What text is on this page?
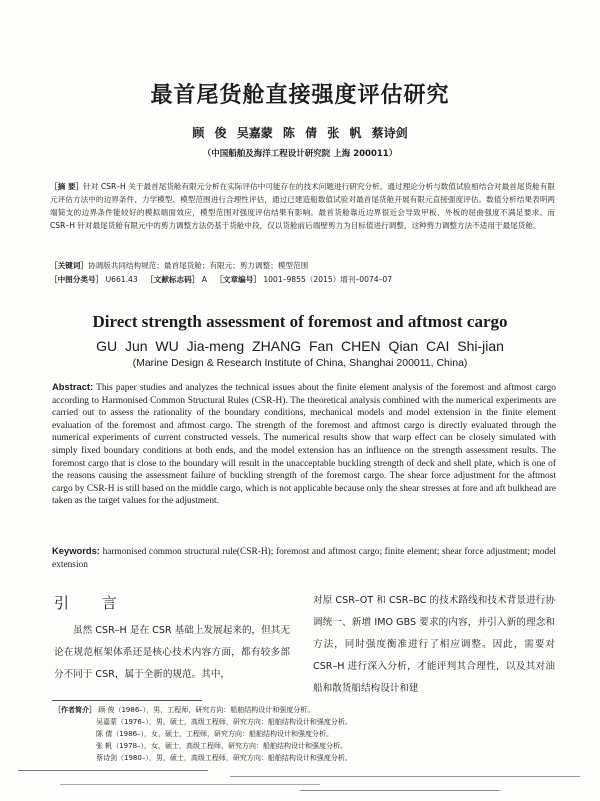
最首尾货舱直接强度评估研究
顾 俊 吴嘉蒙 陈 倩 张 帆 蔡诗剑
（中国船舶及海洋工程设计研究院 上海 200011）
［摘 要］针对 CSR–H 关于最首尾货舱有限元分析在实际评估中可能存在的技术问题进行研究分析。通过理论分析与数值试验相结合对最首尾货舱有限元评估方法中的边界条件、力学模型、模型范围进行合理性评估，通过已建造船数值试验对最首尾货舱开展有限元直接强度评估。数值分析结果表明两端简支的边界条件能较好的模拟端面效应，模型范围对强度评估结果有影响。最首货舱靠近边界很近会导致甲板、外板的屈曲强度不满足要求。而 CSR–H 针对最尾货舱有限元中的剪力调整方法仍基于货舱中段，仅以货舱前后端壁剪力为目标值进行调整，这种剪力调整方法不适用于最尾货舱。
［关键词］协调版共同结构规范；最首尾货舱；有限元；剪力调整；模型范围
［中图分类号］ U661.43 ［文献标志码］ A ［文章编号］ 1001–9855（2015）增刊–0074–07
Direct strength assessment of foremost and aftmost cargo
GU Jun WU Jia-meng ZHANG Fan CHEN Qian CAI Shi-jian
(Marine Design & Research Institute of China, Shanghai 200011, China)
Abstract: This paper studies and analyzes the technical issues about the finite element analysis of the foremost and aftmost cargo according to Harmonised Common Structural Rules (CSR-H). The theoretical analysis combined with the numerical experiments are carried out to assess the rationality of the boundary conditions, mechanical models and model extension in the finite element evaluation of the foremost and aftmost cargo. The strength of the foremost and aftmost cargo is directly evaluated through the numerical experiments of current constructed vessels. The numerical results show that warp effect can be closely simulated with simply fixed boundary conditions at both ends, and the model extension has an influence on the strength assessment results. The foremost cargo that is close to the boundary will result in the unacceptable buckling strength of deck and shell plate, which is one of the reasons causing the assessment failure of buckling strength of the foremost cargo. The shear force adjustment for the aftmost cargo by CSR-H is still based on the middle cargo, which is not applicable because only the shear stresses at fore and aft bulkhead are taken as the target values for the adjustment.
Keywords: harmonised common structural rule(CSR-H); foremost and aftmost cargo; finite element; shear force adjustment; model extension
引 言
虽然 CSR–H 是在 CSR 基础上发展起来的，但其无论在规范框架体系还是核心技术内容方面，都有较多部分不同于 CSR，属于全新的规范。其中，
对原 CSR–OT 和 CSR–BC 的技术路线和技术背景进行协调统一、新增 IMO GBS 要求的内容，并引入新的理念和方法，同时强度衡准进行了相应调整。因此，需要对 CSR–H 进行深入分析，才能评判其合理性，以及其对油船和散货船结构设计和建
［作者简介］ 顾 俊（1986–），男，工程师，研究方向：船舶结构设计和强度分析。
吴嘉蒙（1976–），男，硕士，高级工程师，研究方向：船舶结构设计和强度分析。
陈 倩（1986–），女，硕士，工程师，研究方向：船舶结构设计和强度分析。
张 帆（1978–），女，硕士，高级工程师，研究方向：船舶结构设计和强度分析。
蔡诗剑（1980–），男，硕士，高级工程师，研究方向：船舶结构设计和强度分析。
